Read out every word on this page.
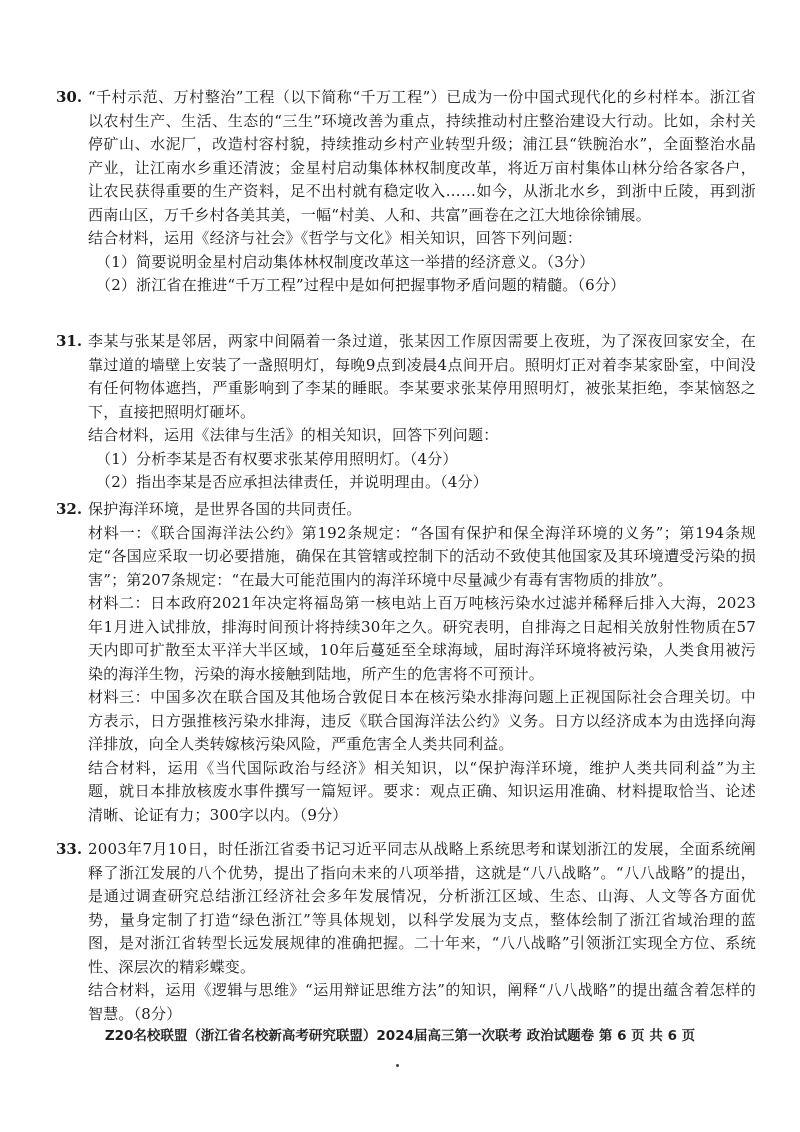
30. “千村示范、万村整治”工程（以下简称“千万工程”）已成为一份中国式现代化的乡村样本。浙江省以农村生产、生活、生态的“三生”环境改善为重点，持续推动村庄整治建设大行动。比如，余村关停矿山、水泥厂，改造村容村貌，持续推动乡村产业转型升级；浦江县“铁腕治水”，全面整治水晶产业，让江南水乡重还清波；金星村启动集体林权制度改革，将近万亩村集体山林分给各家各户，让农民获得重要的生产资料，足不出村就有稳定收入……如今，从浙北水乡，到浙中丘陵，再到浙西南山区，万千乡村各美其美，一幅“村美、人和、共富”画卷在之江大地徐徐铺展。

结合材料，运用《经济与社会》《哲学与文化》相关知识，回答下列问题：

（1）简要说明金星村启动集体林权制度改革这一举措的经济意义。（3分）

（2）浙江省在推进“千万工程”过程中是如何把握事物矛盾问题的精髓。（6分）

31. 李某与张某是邻居，两家中间隔着一条过道，张某因工作原因需要上夜班，为了深夜回家安全，在靠过道的墙壁上安装了一盏照明灯，每晚9点到凌晨4点间开启。照明灯正对着李某家卧室，中间没有任何物体遮挡，严重影响到了李某的睡眠。李某要求张某停用照明灯，被张某拒绝，李某恼怒之下，直接把照明灯砸坏。

结合材料，运用《法律与生活》的相关知识，回答下列问题：

（1）分析李某是否有权要求张某停用照明灯。（4分）

（2）指出李某是否应承担法律责任，并说明理由。（4分）

32. 保护海洋环境，是世界各国的共同责任。

材料一：《联合国海洋法公约》第192条规定：“各国有保护和保全海洋环境的义务”；第194条规定“各国应采取一切必要措施，确保在其管辖或控制下的活动不致使其他国家及其环境遭受污染的损害”；第207条规定：“在最大可能范围内的海洋环境中尽量减少有毒有害物质的排放”。

材料二：日本政府2021年决定将福岛第一核电站上百万吨核污染水过滤并稀释后排入大海，2023年1月进入试排放，排海时间预计将持续30年之久。研究表明，自排海之日起相关放射性物质在57天内即可扩散至太平洋大半区域，10年后蔓延至全球海域，届时海洋环境将被污染，人类食用被污染的海洋生物，污染的海水接触到陆地，所产生的危害将不可预计。

材料三：中国多次在联合国及其他场合敦促日本在核污染水排海问题上正视国际社会合理关切。中方表示，日方强推核污染水排海，违反《联合国海洋法公约》义务。日方以经济成本为由选择向海洋排放，向全人类转嫁核污染风险，严重危害全人类共同利益。

结合材料，运用《当代国际政治与经济》相关知识，以“保护海洋环境，维护人类共同利益”为主题，就日本排放核废水事件撰写一篇短评。要求：观点正确、知识运用准确、材料提取恰当、论述清晰、论证有力；300字以内。（9分）

33. 2003年7月10日，时任浙江省委书记习近平同志从战略上系统思考和谋划浙江的发展，全面系统阐释了浙江发展的八个优势，提出了指向未来的八项举措，这就是“八八战略”。“八八战略”的提出，是通过调查研究总结浙江经济社会多年发展情况，分析浙江区域、生态、山海、人文等各方面优势，量身定制了打造“绿色浙江”等具体规划，以科学发展为支点，整体绘制了浙江省域治理的蓝图，是对浙江省转型长远发展规律的准确把握。二十年来，“八八战略”引领浙江实现全方位、系统性、深层次的精彩蝶变。

结合材料，运用《逻辑与思维》“运用辩证思维方法”的知识，阐释“八八战略”的提出蕴含着怎样的智慧。（8分）

Z20名校联盟（浙江省名校新高考研究联盟）2024届高三第一次联考 政治试题卷 第 6 页 共 6 页
